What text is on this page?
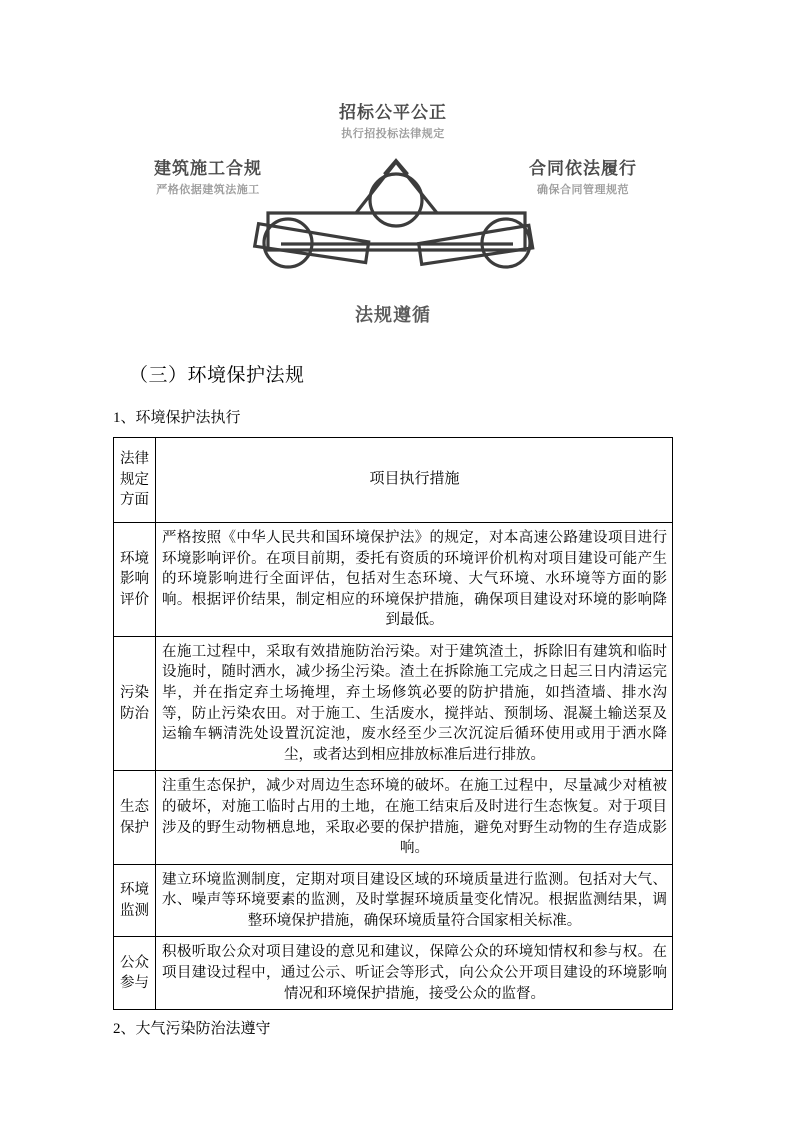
招标公平公正
执行招投标法律规定
建筑施工合规
严格依据建筑法施工
合同依法履行
确保合同管理规范
法规遵循
（三）环境保护法规

1、环境保护法执行

法律规定方面	项目执行措施
环境影响评价	严格按照《中华人民共和国环境保护法》的规定，对本高速公路建设项目进行环境影响评价。在项目前期，委托有资质的环境评价机构对项目建设可能产生的环境影响进行全面评估，包括对生态环境、大气环境、水环境等方面的影响。根据评价结果，制定相应的环境保护措施，确保项目建设对环境的影响降到最低。
污染防治	在施工过程中，采取有效措施防治污染。对于建筑渣土，拆除旧有建筑和临时设施时，随时洒水，减少扬尘污染。渣土在拆除施工完成之日起三日内清运完毕，并在指定弃土场掩埋，弃土场修筑必要的防护措施，如挡渣墙、排水沟等，防止污染农田。对于施工、生活废水，搅拌站、预制场、混凝土输送泵及运输车辆清洗处设置沉淀池，废水经至少三次沉淀后循环使用或用于洒水降尘，或者达到相应排放标准后进行排放。
生态保护	注重生态保护，减少对周边生态环境的破坏。在施工过程中，尽量减少对植被的破坏，对施工临时占用的土地，在施工结束后及时进行生态恢复。对于项目涉及的野生动物栖息地，采取必要的保护措施，避免对野生动物的生存造成影响。
环境监测	建立环境监测制度，定期对项目建设区域的环境质量进行监测。包括对大气、水、噪声等环境要素的监测，及时掌握环境质量变化情况。根据监测结果，调整环境保护措施，确保环境质量符合国家相关标准。
公众参与	积极听取公众对项目建设的意见和建议，保障公众的环境知情权和参与权。在项目建设过程中，通过公示、听证会等形式，向公众公开项目建设的环境影响情况和环境保护措施，接受公众的监督。

2、大气污染防治法遵守
